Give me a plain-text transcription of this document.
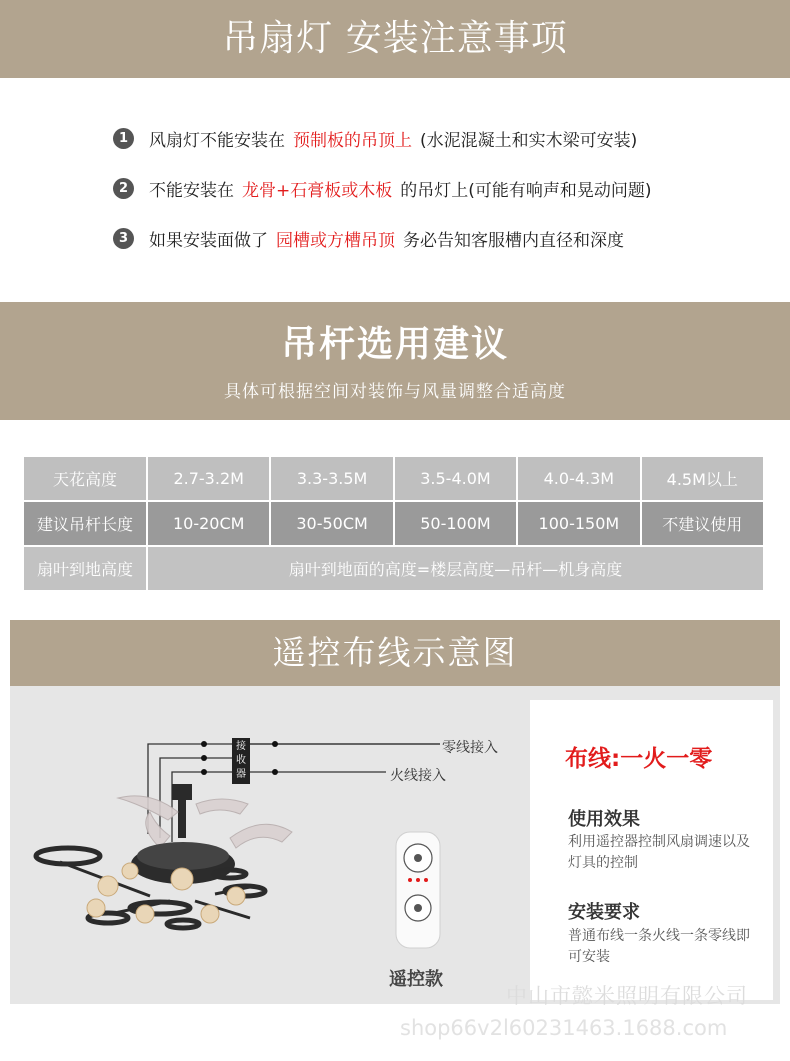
吊扇灯 安装注意事项
1	风扇灯不能安装在 预制板的吊顶上 (水泥混凝土和实木梁可安装)
2	不能安装在 龙骨+石膏板或木板 的吊灯上(可能有响声和晃动问题)
3	如果安装面做了 园槽或方槽吊顶 务必告知客服槽内直径和深度
吊杆选用建议
具体可根据空间对装饰与风量调整合适高度
天花高度	2.7-3.2M	3.3-3.5M	3.5-4.0M	4.0-4.3M	4.5M以上
建议吊杆长度	10-20CM	30-50CM	50-100M	100-150M	不建议使用
扇叶到地高度	扇叶到地面的高度=楼层高度—吊杆—机身高度				
遥控布线示意图
接收器
零线接入
火线接入
遥控款
布线:一火一零
使用效果
利用遥控器控制风扇调速以及灯具的控制
安装要求
普通布线一条火线一条零线即可安装
中山市懿米照明有限公司
shop66v2l60231463.1688.com
